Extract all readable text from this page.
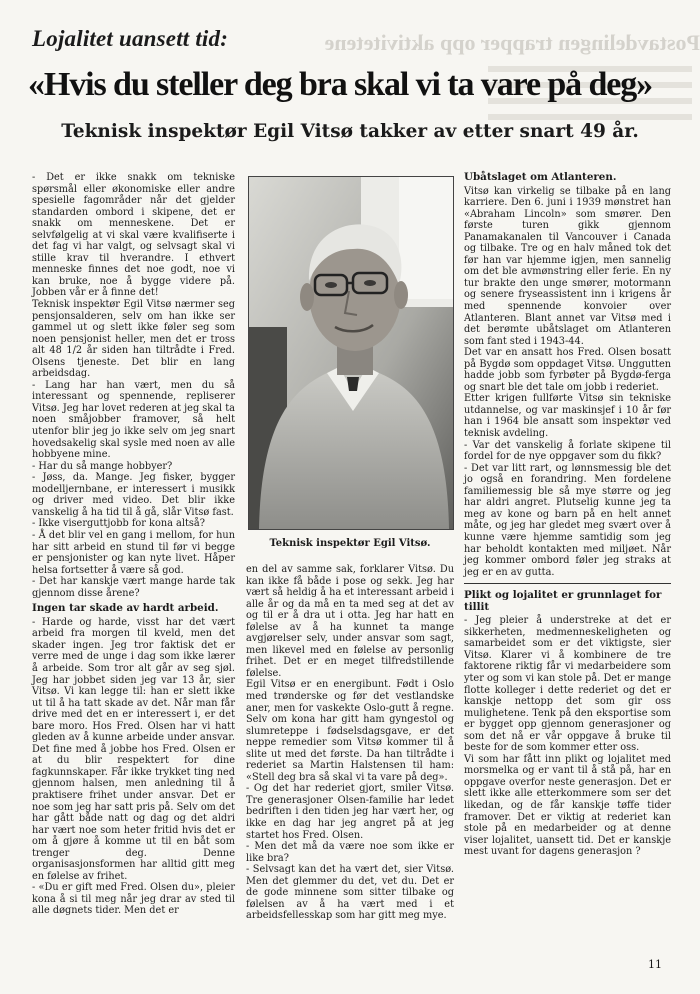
Postavdelingen trapper opp aktivitetene
Lojalitet uansett tid:
«Hvis du steller deg bra skal vi ta vare på deg»
Teknisk inspektør Egil Vitsø takker av etter snart 49 år.

- Det er ikke snakk om tekniske spørsmål eller økonomiske eller andre spesielle fagområder når det gjelder standarden ombord i skipene, det er snakk om menneskene. Det er selvfølgelig at vi skal være kvalifiserte i det fag vi har valgt, og selvsagt skal vi stille krav til hverandre. I ethvert menneske finnes det noe godt, noe vi kan bruke, noe å bygge videre på. Jobben vår er å finne det!

Teknisk inspektør Egil Vitsø nærmer seg pensjonsalderen, selv om han ikke ser gammel ut og slett ikke føler seg som noen pensjonist heller, men det er tross alt 48 1/2 år siden han tiltrådte i Fred. Olsens tjeneste. Det blir en lang arbeidsdag.

- Lang har han vært, men du så interessant og spennende, repliserer Vitsø. Jeg har lovet rederen at jeg skal ta noen småjobber framover, så helt utenfor blir jeg jo ikke selv om jeg snart hovedsakelig skal sysle med noen av alle hobbyene mine.

- Har du så mange hobbyer?

- Jøss, da. Mange. Jeg fisker, bygger modelljernbane, er interessert i musikk og driver med video. Det blir ikke vanskelig å ha tid til å gå, slår Vitsø fast.

- Ikke viserguttjobb for kona altså?

- Å det blir vel en gang i mellom, for hun har sitt arbeid en stund til før vi begge er pensjonister og kan nyte livet. Håper helsa fortsetter å være så god.

- Det har kanskje vært mange harde tak gjennom disse årene?

Ingen tar skade av hardt arbeid.

- Harde og harde, visst har det vært arbeid fra morgen til kveld, men det skader ingen. Jeg tror faktisk det er verre med de unge i dag som ikke lærer å arbeide. Som tror alt går av seg sjøl. Jeg har jobbet siden jeg var 13 år, sier Vitsø. Vi kan legge til: han er slett ikke ut til å ha tatt skade av det. Når man får drive med det en er interessert i, er det bare moro. Hos Fred. Olsen har vi hatt gleden av å kunne arbeide under ansvar. Det fine med å jobbe hos Fred. Olsen er at du blir respektert for dine fagkunnskaper. Får ikke trykket ting ned gjennom halsen, men anledning til å praktisere frihet under ansvar. Det er noe som jeg har satt pris på. Selv om det har gått både natt og dag og det aldri har vært noe som heter fritid hvis det er om å gjøre å komme ut til en båt som trenger deg. Denne organisasjonsformen har alltid gitt meg en følelse av frihet.

- «Du er gift med Fred. Olsen du», pleier kona å si til meg når jeg drar av sted til alle døgnets tider. Men det er

Teknisk inspektør Egil Vitsø.

en del av samme sak, forklarer Vitsø. Du kan ikke få både i pose og sekk. Jeg har vært så heldig å ha et interessant arbeid i alle år og da må en ta med seg at det av og til er å dra ut i otta. Jeg har hatt en følelse av å ha kunnet ta mange avgjørelser selv, under ansvar som sagt, men likevel med en følelse av personlig frihet. Det er en meget tilfredstillende følelse.

Egil Vitsø er en energibunt. Født i Oslo med trønderske og før det vestlandske aner, men for vaskekte Oslo-gutt å regne. Selv om kona har gitt ham gyngestol og slumreteppe i fødselsdagsgave, er det neppe remedier som Vitsø kommer til å slite ut med det første. Da han tiltrådte i rederiet sa Martin Halstensen til ham: «Stell deg bra så skal vi ta vare på deg».

- Og det har rederiet gjort, smiler Vitsø. Tre generasjoner Olsen-familie har ledet bedriften i den tiden jeg har vært her, og ikke en dag har jeg angret på at jeg startet hos Fred. Olsen.

- Men det må da være noe som ikke er like bra?

- Selvsagt kan det ha vært det, sier Vitsø. Men det glemmer du det, vet du. Det er de gode minnene som sitter tilbake og følelsen av å ha vært med i et arbeidsfellesskap som har gitt meg mye.

Ubåtslaget om Atlanteren.

Vitsø kan virkelig se tilbake på en lang karriere. Den 6. juni i 1939 mønstret han «Abraham Lincoln» som smører. Den første turen gikk gjennom Panamakanalen til Vancouver i Canada og tilbake. Tre og en halv måned tok det før han var hjemme igjen, men sannelig om det ble avmønstring eller ferie. En ny tur brakte den unge smører, motormann og senere fryseassistent inn i krigens år med spennende konvoier over Atlanteren. Blant annet var Vitsø med i det berømte ubåtslaget om Atlanteren som fant sted i 1943-44.

Det var en ansatt hos Fred. Olsen bosatt på Bygdø som oppdaget Vitsø. Unggutten hadde jobb som fyrbøter på Bygdø-ferga og snart ble det tale om jobb i rederiet.

Etter krigen fullførte Vitsø sin tekniske utdannelse, og var maskinsjef i 10 år før han i 1964 ble ansatt som inspektør ved teknisk avdeling.

- Var det vanskelig å forlate skipene til fordel for de nye oppgaver som du fikk?

- Det var litt rart, og lønnsmessig ble det jo også en forandring. Men fordelene familiemessig ble så mye større og jeg har aldri angret. Plutselig kunne jeg ta meg av kone og barn på en helt annet måte, og jeg har gledet meg svært over å kunne være hjemme samtidig som jeg har beholdt kontakten med miljøet. Når jeg kommer ombord føler jeg straks at jeg er en av gutta.

Plikt og lojalitet er grunnlaget for tillit

- Jeg pleier å understreke at det er sikkerheten, medmenneskeligheten og samarbeidet som er det viktigste, sier Vitsø. Klarer vi å kombinere de tre faktorene riktig får vi medarbeidere som yter og som vi kan stole på. Det er mange flotte kolleger i dette rederiet og det er kanskje nettopp det som gir oss mulighetene. Tenk på den eksportise som er bygget opp gjennom generasjoner og som det nå er vår oppgave å bruke til beste for de som kommer etter oss.

Vi som har fått inn plikt og lojalitet med morsmelka og er vant til å stå på, har en oppgave overfor neste generasjon. Det er slett ikke alle etterkommere som ser det likedan, og de får kanskje tøffe tider framover. Det er viktig at rederiet kan stole på en medarbeider og at denne viser lojalitet, uansett tid. Det er kanskje mest uvant for dagens generasjon ?

11
